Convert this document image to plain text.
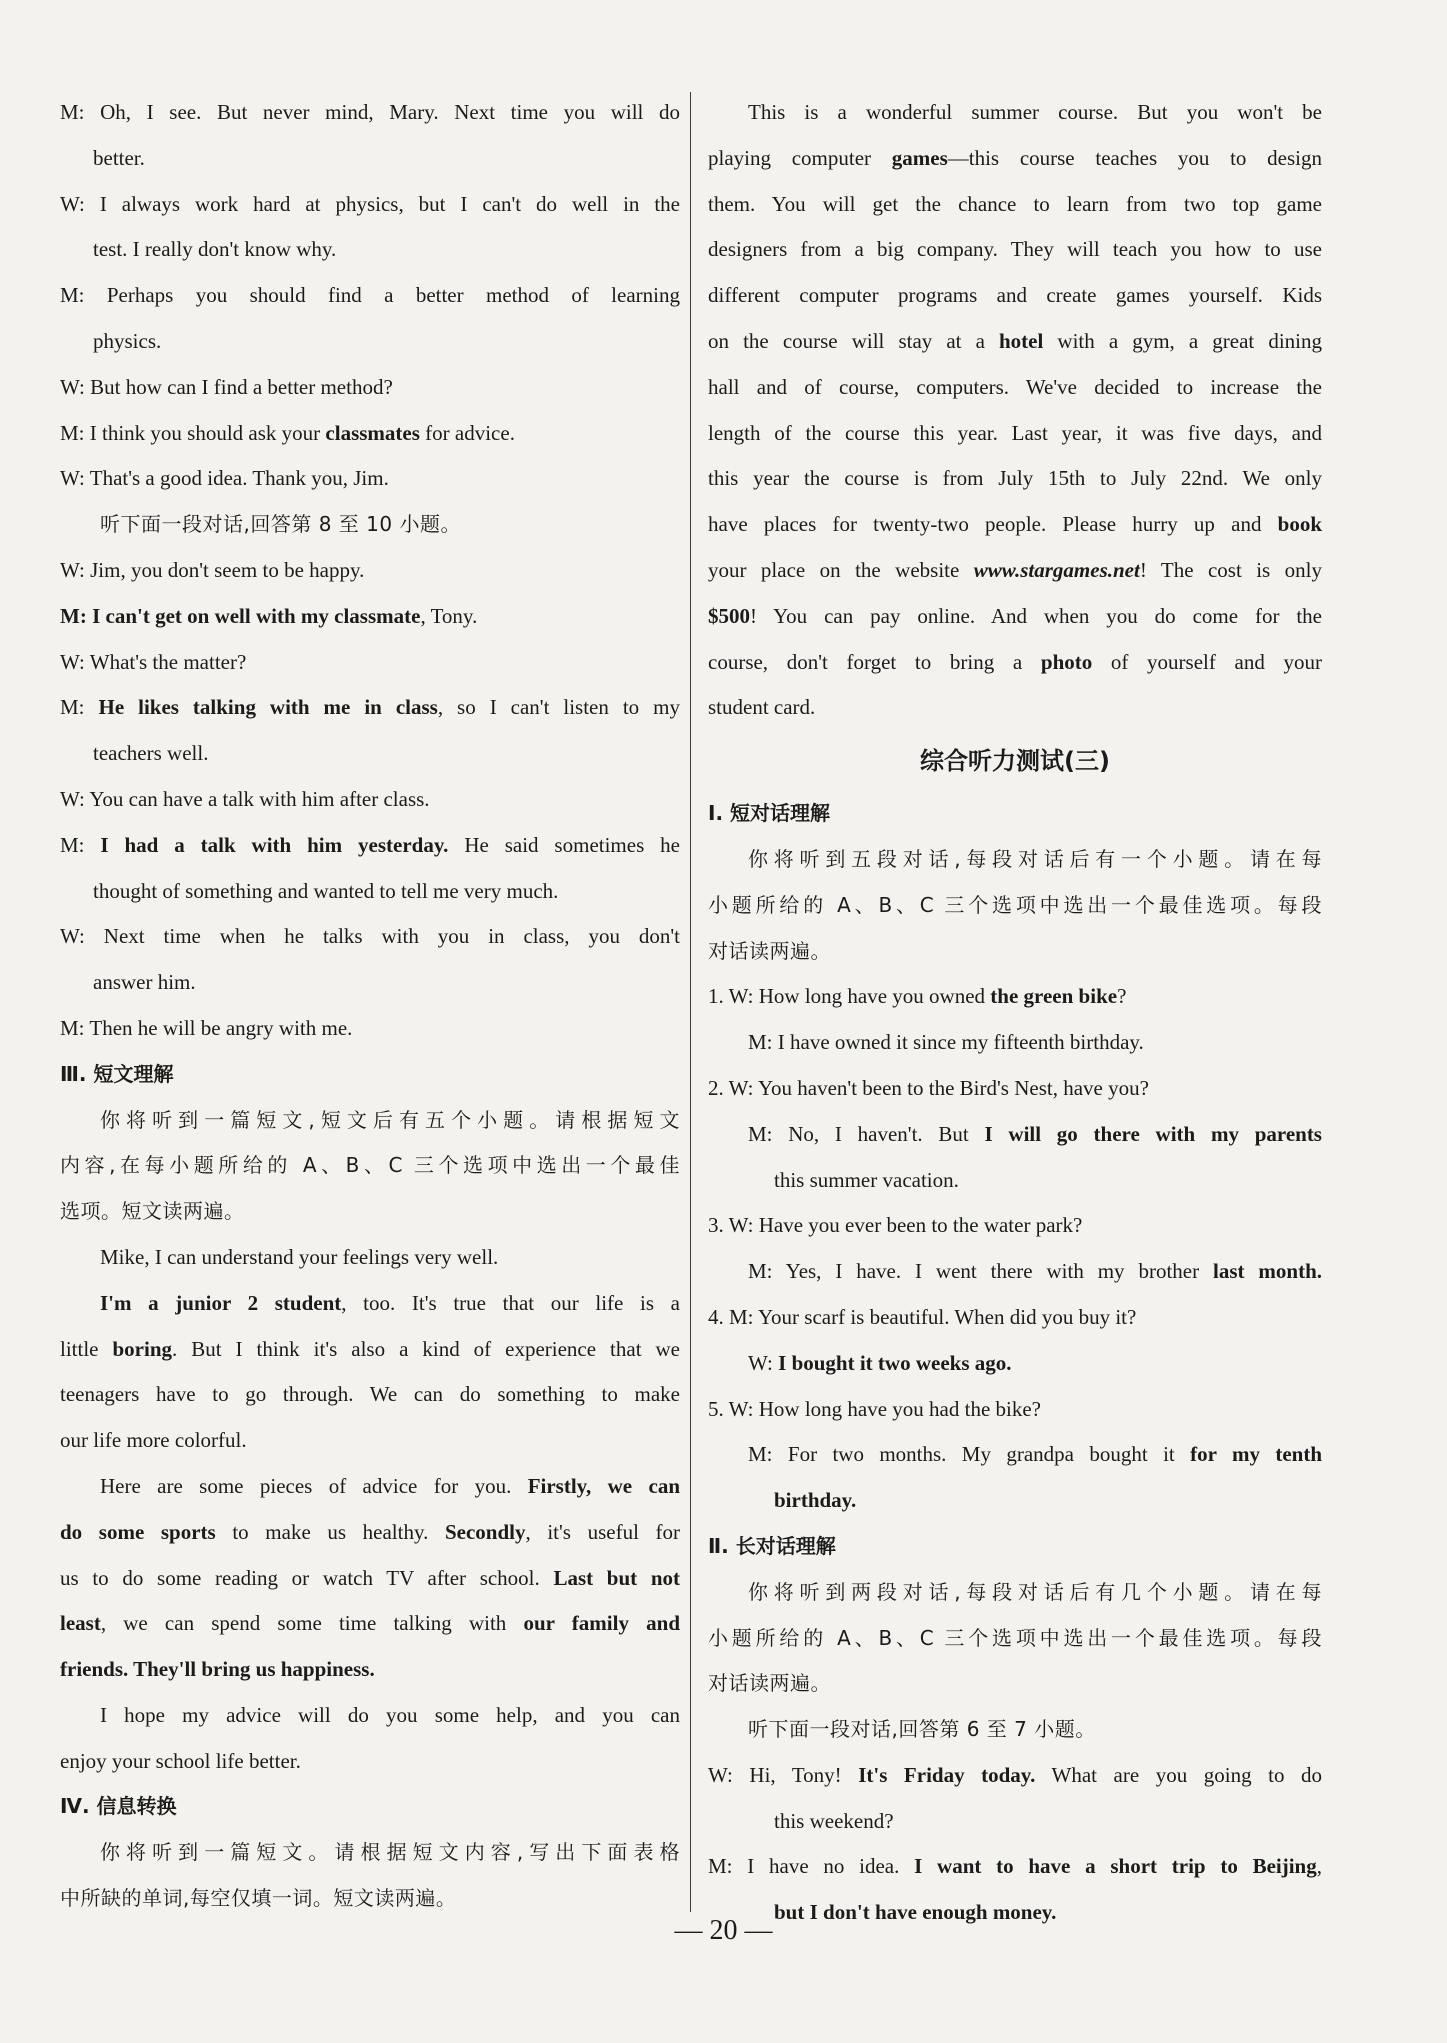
M: Oh, I see. But never mind, Mary. Next time you will do
better.
W: I always work hard at physics, but I can't do well in the
test. I really don't know why.
M: Perhaps you should find a better method of learning
physics.
W: But how can I find a better method?
M: I think you should ask your classmates for advice.
W: That's a good idea. Thank you, Jim.
听下面一段对话,回答第 8 至 10 小题。
W: Jim, you don't seem to be happy.
M: I can't get on well with my classmate, Tony.
W: What's the matter?
M: He likes talking with me in class, so I can't listen to my
teachers well.
W: You can have a talk with him after class.
M: I had a talk with him yesterday. He said sometimes he
thought of something and wanted to tell me very much.
W: Next time when he talks with you in class, you don't
answer him.
M: Then he will be angry with me.
Ⅲ. 短文理解
你将听到一篇短文,短文后有五个小题。请根据短文
内容,在每小题所给的 A、B、C 三个选项中选出一个最佳
选项。短文读两遍。
Mike, I can understand your feelings very well.
I'm a junior 2 student, too. It's true that our life is a
little boring. But I think it's also a kind of experience that we
teenagers have to go through. We can do something to make
our life more colorful.
Here are some pieces of advice for you. Firstly, we can
do some sports to make us healthy. Secondly, it's useful for
us to do some reading or watch TV after school. Last but not
least, we can spend some time talking with our family and
friends. They'll bring us happiness.
I hope my advice will do you some help, and you can
enjoy your school life better.
Ⅳ. 信息转换
你将听到一篇短文。请根据短文内容,写出下面表格
中所缺的单词,每空仅填一词。短文读两遍。
This is a wonderful summer course. But you won't be
playing computer games—this course teaches you to design
them. You will get the chance to learn from two top game
designers from a big company. They will teach you how to use
different computer programs and create games yourself. Kids
on the course will stay at a hotel with a gym, a great dining
hall and of course, computers. We've decided to increase the
length of the course this year. Last year, it was five days, and
this year the course is from July 15th to July 22nd. We only
have places for twenty-two people. Please hurry up and book
your place on the website www.stargames.net! The cost is only
$500! You can pay online. And when you do come for the
course, don't forget to bring a photo of yourself and your
student card.
综合听力测试(三)
Ⅰ. 短对话理解
你将听到五段对话,每段对话后有一个小题。请在每
小题所给的 A、B、C 三个选项中选出一个最佳选项。每段
对话读两遍。
1. W: How long have you owned the green bike?
M: I have owned it since my fifteenth birthday.
2. W: You haven't been to the Bird's Nest, have you?
M: No, I haven't. But I will go there with my parents
this summer vacation.
3. W: Have you ever been to the water park?
M: Yes, I have. I went there with my brother last month.
4. M: Your scarf is beautiful. When did you buy it?
W: I bought it two weeks ago.
5. W: How long have you had the bike?
M: For two months. My grandpa bought it for my tenth
birthday.
Ⅱ. 长对话理解
你将听到两段对话,每段对话后有几个小题。请在每
小题所给的 A、B、C 三个选项中选出一个最佳选项。每段
对话读两遍。
听下面一段对话,回答第 6 至 7 小题。
W: Hi, Tony! It's Friday today. What are you going to do
this weekend?
M: I have no idea. I want to have a short trip to Beijing,
but I don't have enough money.
— 20 —
